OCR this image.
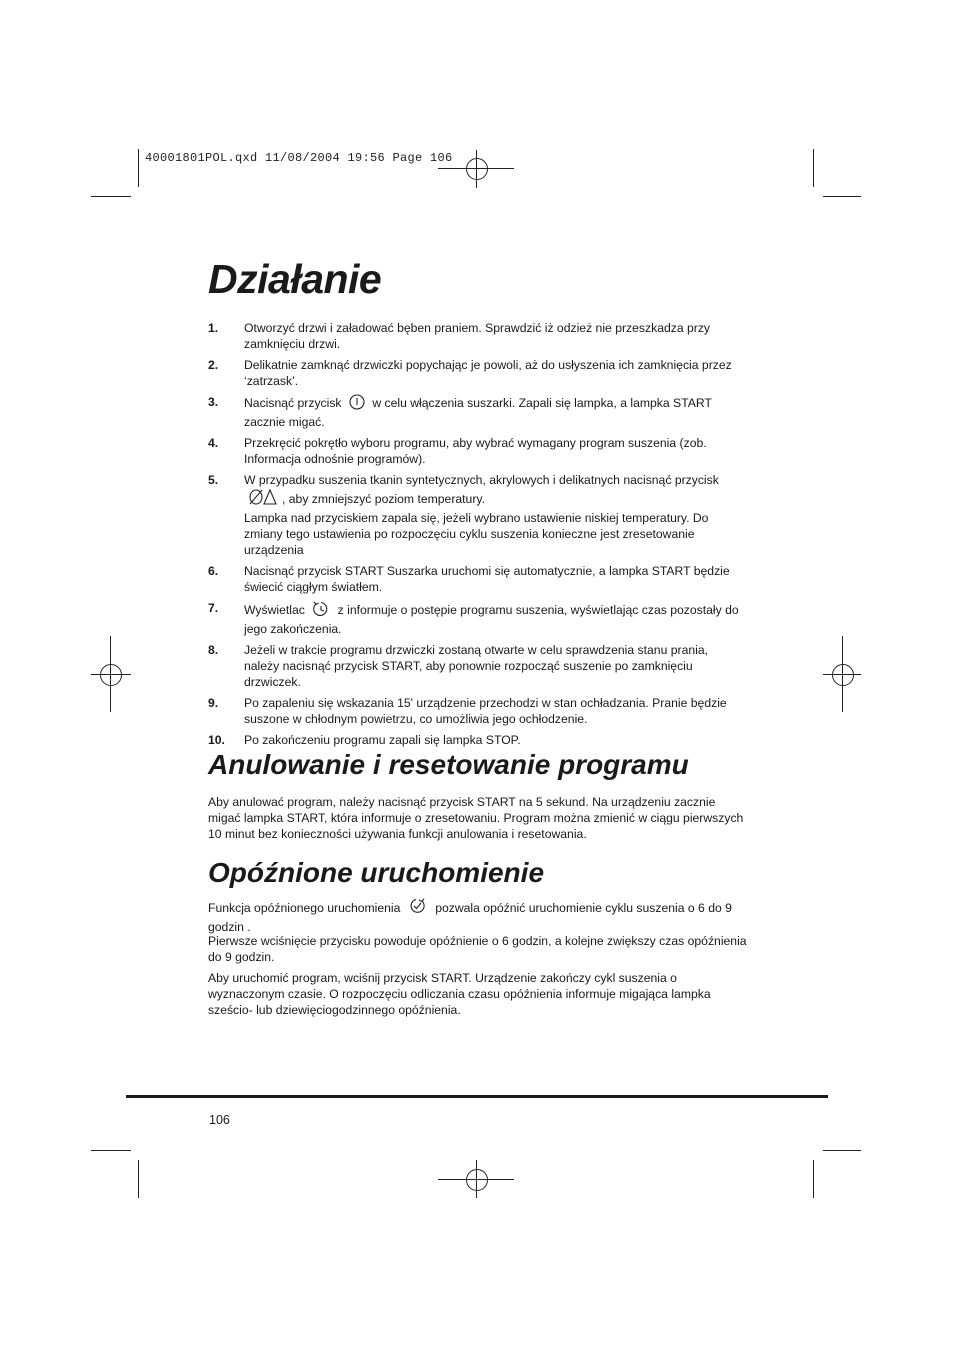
40001801POL.qxd 11/08/2004 19:56 Page 106
Działanie
1.	Otworzyć drzwi i załadować bęben praniem. Sprawdzić iż odzież nie przeszkadza przy zamknięciu drzwi.
2.	Delikatnie zamknąć drzwiczki popychając je powoli, aż do usłyszenia ich zamknięcia przez ‘zatrzask’.
3.	Nacisnąć przycisk	w celu włączenia suszarki. Zapali się lampka, a lampka START zacznie migać.
4.	Przekręcić pokrętło wyboru programu, aby wybrać wymagany program suszenia (zob. Informacja odnośnie programów).
5.	W przypadku suszenia tkanin syntetycznych, akrylowych i delikatnych nacisnąć przycisk , aby zmniejszyć poziom temperatury.
Lampka nad przyciskiem zapala się, jeżeli wybrano ustawienie niskiej temperatury. Do zmiany tego ustawienia po rozpoczęciu cyklu suszenia konieczne jest zresetowanie urządzenia
6.	Nacisnąć przycisk START Suszarka uruchomi się automatycznie, a lampka START będzie świecić ciągłym światłem.
7.	Wyświetlac	z informuje o postępie programu suszenia, wyświetlając czas pozostały do jego zakończenia.
8.	Jeżeli w trakcie programu drzwiczki zostaną otwarte w celu sprawdzenia stanu prania, należy nacisnąć przycisk START, aby ponownie rozpocząć suszenie po zamknięciu drzwiczek.
9.	Po zapaleniu się wskazania 15' urządzenie przechodzi w stan ochładzania. Pranie będzie suszone w chłodnym powietrzu, co umożliwia jego ochłodzenie.
10.	Po zakończeniu programu zapali się lampka STOP.
Anulowanie i resetowanie programu

Aby anulować program, należy nacisnąć przycisk START na 5 sekund. Na urządzeniu zacznie migać lampka START, która informuje o zresetowaniu. Program można zmienić w ciągu pierwszych 10 minut bez konieczności używania funkcji anulowania i resetowania.

Opóźnione uruchomienie

Funkcja opóźnionego uruchomienia	pozwala opóźnić uruchomienie cyklu suszenia o 6 do 9 godzin .

Pierwsze wciśnięcie przycisku powoduje opóźnienie o 6 godzin, a kolejne zwiększy czas opóźnienia do 9 godzin.

Aby uruchomić program, wciśnij przycisk START. Urządzenie zakończy cykl suszenia o wyznaczonym czasie. O rozpoczęciu odliczania czasu opóźnienia informuje migająca lampka sześcio- lub dziewięciogodzinnego opóźnienia.

106
